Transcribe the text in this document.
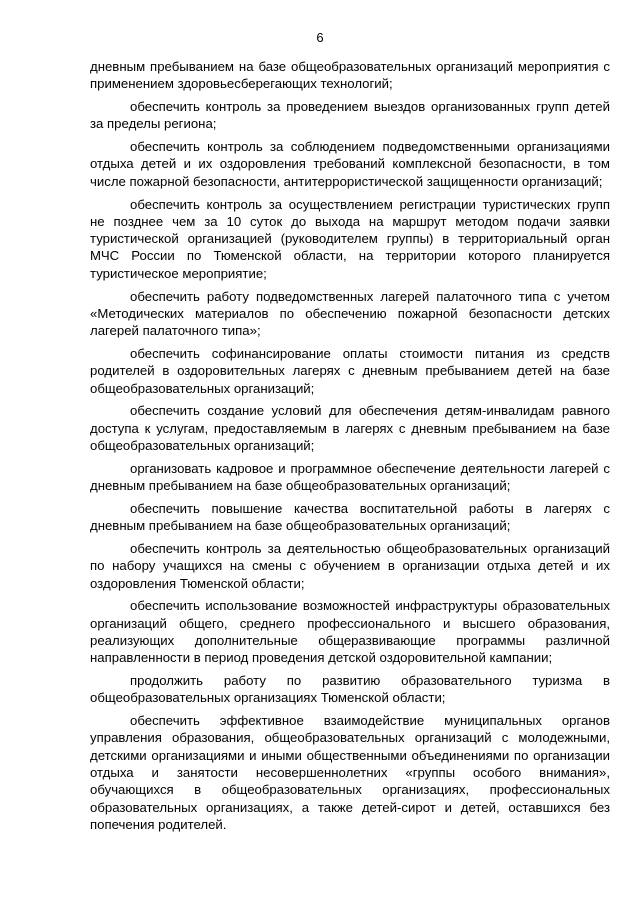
6

дневным пребыванием на базе общеобразовательных организаций мероприятия с применением здоровьесберегающих технологий;

обеспечить контроль за проведением выездов организованных групп детей за пределы региона;

обеспечить контроль за соблюдением подведомственными организациями отдыха детей и их оздоровления требований комплексной безопасности, в том числе пожарной безопасности, антитеррористической защищенности организаций;

обеспечить контроль за осуществлением регистрации туристических групп не позднее чем за 10 суток до выхода на маршрут методом подачи заявки туристической организацией (руководителем группы) в территориальный орган МЧС России по Тюменской области, на территории которого планируется туристическое мероприятие;

обеспечить работу подведомственных лагерей палаточного типа с учетом «Методических материалов по обеспечению пожарной безопасности детских лагерей палаточного типа»;

обеспечить софинансирование оплаты стоимости питания из средств родителей в оздоровительных лагерях с дневным пребыванием детей на базе общеобразовательных организаций;

обеспечить создание условий для обеспечения детям-инвалидам равного доступа к услугам, предоставляемым в лагерях с дневным пребыванием на базе общеобразовательных организаций;

организовать кадровое и программное обеспечение деятельности лагерей с дневным пребыванием на базе общеобразовательных организаций;

обеспечить повышение качества воспитательной работы в лагерях с дневным пребыванием на базе общеобразовательных организаций;

обеспечить контроль за деятельностью общеобразовательных организаций по набору учащихся на смены с обучением в организации отдыха детей и их оздоровления Тюменской области;

обеспечить использование возможностей инфраструктуры образовательных организаций общего, среднего профессионального и высшего образования, реализующих дополнительные общеразвивающие программы различной направленности в период проведения детской оздоровительной кампании;

продолжить работу по развитию образовательного туризма в общеобразовательных организациях Тюменской области;

обеспечить эффективное взаимодействие муниципальных органов управления образования, общеобразовательных организаций с молодежными, детскими организациями и иными общественными объединениями по организации отдыха и занятости несовершеннолетних «группы особого внимания», обучающихся в общеобразовательных организациях, профессиональных образовательных организациях, а также детей-сирот и детей, оставшихся без попечения родителей.
